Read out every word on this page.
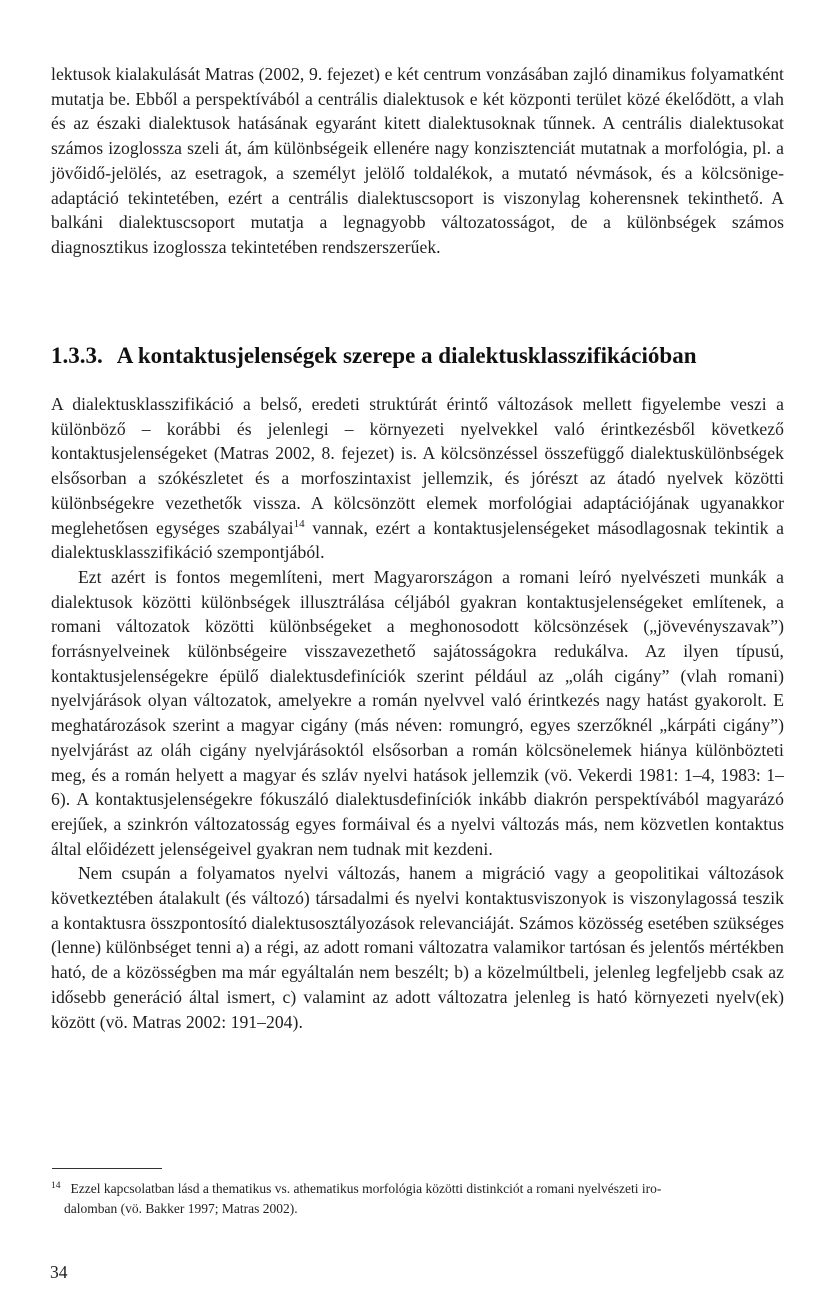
lektusok kialakulását Matras (2002, 9. fejezet) e két centrum vonzásában zajló dinamikus folyamatként mutatja be. Ebből a perspektívából a centrális dialektusok e két központi terület közé ékelődött, a vlah és az északi dialektusok hatásának egyaránt kitett dialektusoknak tűnnek. A centrális dialektusokat számos izoglossza szeli át, ám különbségeik ellenére nagy konzisztenciát mutatnak a morfológia, pl. a jövőidő-jelölés, az esetragok, a személyt jelölő toldalékok, a mutató névmások, és a kölcsönige-adaptáció tekintetében, ezért a centrális dialektuscsoport is viszonylag koherensnek tekinthető. A balkáni dialektuscsoport mutatja a legnagyobb változatosságot, de a különbségek számos diagnosztikus izoglossza tekintetében rendszerszerűek.

1.3.3. A kontaktusjelenségek szerepe a dialektusklasszifikációban

A dialektusklasszifikáció a belső, eredeti struktúrát érintő változások mellett figyelembe veszi a különböző – korábbi és jelenlegi – környezeti nyelvekkel való érintkezésből következő kontaktusjelenségeket (Matras 2002, 8. fejezet) is. A kölcsönzéssel összefüggő dialektuskülönbségek elsősorban a szókészletet és a morfoszintaxist jellemzik, és jórészt az átadó nyelvek közötti különbségekre vezethetők vissza. A kölcsönzött elemek morfológiai adaptációjának ugyanakkor meglehetősen egységes szabályai$^{14}$ vannak, ezért a kontaktusjelenségeket másodlagosnak tekintik a dialektusklasszifikáció szempontjából.

Ezt azért is fontos megemlíteni, mert Magyarországon a romani leíró nyelvészeti munkák a dialektusok közötti különbségek illusztrálása céljából gyakran kontaktusjelenségeket említenek, a romani változatok közötti különbségeket a meghonosodott kölcsönzések („jövevényszavak”) forrásnyelveinek különbségeire visszavezethető sajátosságokra redukálva. Az ilyen típusú, kontaktusjelenségekre épülő dialektusdefiníciók szerint például az „oláh cigány” (vlah romani) nyelvjárások olyan változatok, amelyekre a román nyelvvel való érintkezés nagy hatást gyakorolt. E meghatározások szerint a magyar cigány (más néven: romungró, egyes szerzőknél „kárpáti cigány”) nyelvjárást az oláh cigány nyelvjárásoktól elsősorban a román kölcsönelemek hiánya különbözteti meg, és a román helyett a magyar és szláv nyelvi hatások jellemzik (vö. Vekerdi 1981: 1–4, 1983: 1–6). A kontaktusjelenségekre fókuszáló dialektusdefiníciók inkább diakrón perspektívából magyarázó erejűek, a szinkrón változatosság egyes formáival és a nyelvi változás más, nem közvetlen kontaktus által előidézett jelenségeivel gyakran nem tudnak mit kezdeni.

Nem csupán a folyamatos nyelvi változás, hanem a migráció vagy a geopolitikai változások következtében átalakult (és változó) társadalmi és nyelvi kontaktusviszonyok is viszonylagossá teszik a kontaktusra összpontosító dialektusosztályozások relevanciáját. Számos közösség esetében szükséges (lenne) különbséget tenni a) a régi, az adott romani változatra valamikor tartósan és jelentős mértékben ható, de a közösségben ma már egyáltalán nem beszélt; b) a közelmúltbeli, jelenleg legfeljebb csak az idősebb generáció által ismert, c) valamint az adott változatra jelenleg is ható környezeti nyelv(ek) között (vö. Matras 2002: 191–204).

$^{14}$ Ezzel kapcsolatban lásd a thematikus vs. athematikus morfológia közötti distinkciót a romani nyelvészeti iro-
dalomban (vö. Bakker 1997; Matras 2002).
34
